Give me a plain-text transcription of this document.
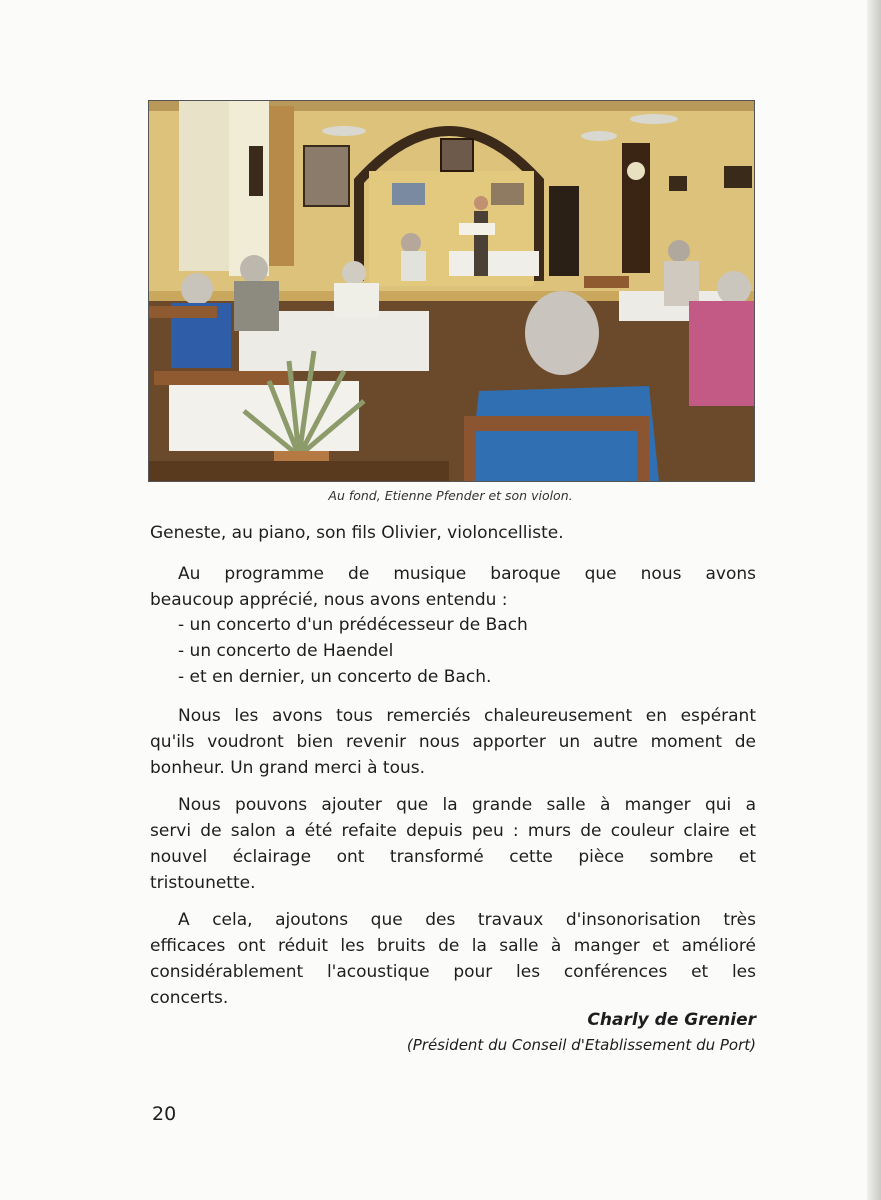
Au fond, Etienne Pfender et son violon.
Geneste, au piano, son fils Olivier, violoncelliste.
Au programme de musique baroque que nous avons
beaucoup apprécié, nous avons entendu :
- un concerto d'un prédécesseur de Bach
- un concerto de Haendel
- et en dernier, un concerto de Bach.
Nous les avons tous remerciés chaleureusement en espérant
qu'ils voudront bien revenir nous apporter un autre moment de
bonheur. Un grand merci à tous.
Nous pouvons ajouter que la grande salle à manger qui a
servi de salon a été refaite depuis peu : murs de couleur claire et
nouvel éclairage ont transformé cette pièce sombre et
tristounette.
A cela, ajoutons que des travaux d'insonorisation très
efficaces ont réduit les bruits de la salle à manger et amélioré
considérablement l'acoustique pour les conférences et les
concerts.
Charly de Grenier
(Président du Conseil d'Etablissement du Port)
20
